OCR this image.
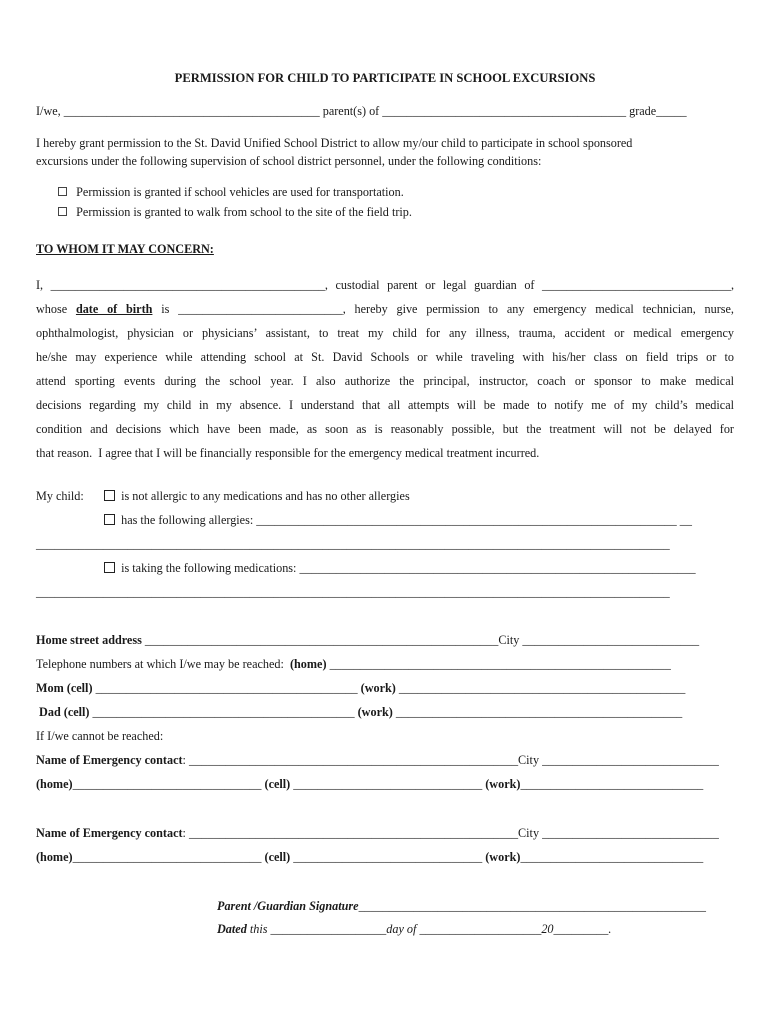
PERMISSION FOR CHILD TO PARTICIPATE IN SCHOOL EXCURSIONS
I/we, __________________________________________ parent(s) of ________________________________________ grade_____
I hereby grant permission to the St. David Unified School District to allow my/our child to participate in school sponsored
excursions under the following supervision of school district personnel, under the following conditions:
Permission is granted if school vehicles are used for transportation.
Permission is granted to walk from school to the site of the field trip.
TO WHOM IT MAY CONCERN:
I, _____________________________________________, custodial parent or legal guardian of _______________________________,
whose date of birth is ___________________________, hereby give permission to any emergency medical technician, nurse,
ophthalmologist, physician or physicians’ assistant, to treat my child for any illness, trauma, accident or medical emergency
he/she may experience while attending school at St. David Schools or while traveling with his/her class on field trips or to
attend sporting events during the school year. I also authorize the principal, instructor, coach or sponsor to make medical
decisions regarding my child in my absence. I understand that all attempts will be made to notify me of my child’s medical
condition and decisions which have been made, as soon as is reasonably possible, but the treatment will not be delayed for
that reason.  I agree that I will be financially responsible for the emergency medical treatment incurred.
My child:	is not allergic to any medications and has no other allergies
has the following allergies: _____________________________________________________________________ __
________________________________________________________________________________________________________
is taking the following medications: _________________________________________________________________
________________________________________________________________________________________________________
Home street address __________________________________________________________City _____________________________
Telephone numbers at which I/we may be reached:  (home) ________________________________________________________
Mom (cell) ___________________________________________ (work) _______________________________________________
Dad (cell) ___________________________________________ (work) _______________________________________________
If I/we cannot be reached:
Name of Emergency contact: ______________________________________________________City _____________________________
(home)_______________________________ (cell) _______________________________ (work)______________________________
Name of Emergency contact: ______________________________________________________City _____________________________
(home)_______________________________ (cell) _______________________________ (work)______________________________
Parent /Guardian Signature_________________________________________________________
Dated this ___________________day of ____________________20_________.
